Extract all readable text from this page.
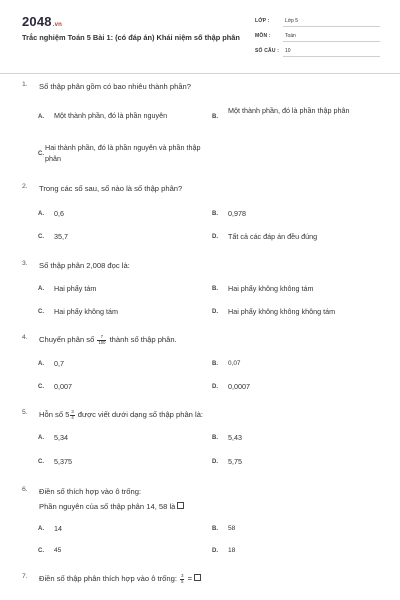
2048.vn
Trắc nghiệm Toán 5 Bài 1: (có đáp án) Khái niệm số thập phân
LỚP :	Lớp 5
MÔN :	Toán
SỐ CÂU : 10
1. Số thập phân gồm có bao nhiêu thành phần?
A. Một thành phần, đó là phần nguyên	B.
Một thành phần, đó là phần thập phân
C.
Hai thành phần, đó là phần nguyên và phần thập phân
2. Trong các số sau, số nào là số thập phân?
A. 0,6	B. 0,978
C. 35,7	D. Tất cả các đáp án đều đúng
3. Số thập phân 2,008 đọc là:
A. Hai phẩy tám	B. Hai phẩy không không tám
C. Hai phẩy không tám	D. Hai phẩy không không không tám
4. Chuyển phân số $\frac{7}{100}$ thành số thập phân.
A. 0,7	B. 0,07
C. 0,007	D. 0,0007
5. Hỗn số $5 \frac{3}{4}$ được viết dưới dạng số thập phân là:
A. 5,34	B. 5,43
C. 5,375	D. 5,75
6. Điền số thích hợp vào ô trống:
Phần nguyên của số thập phân 14, 58 là
A. 14	B. 58
C. 45	D. 18
7. Điền số thập phân thích hợp vào ô trống: $\frac{3}{5}$ =
